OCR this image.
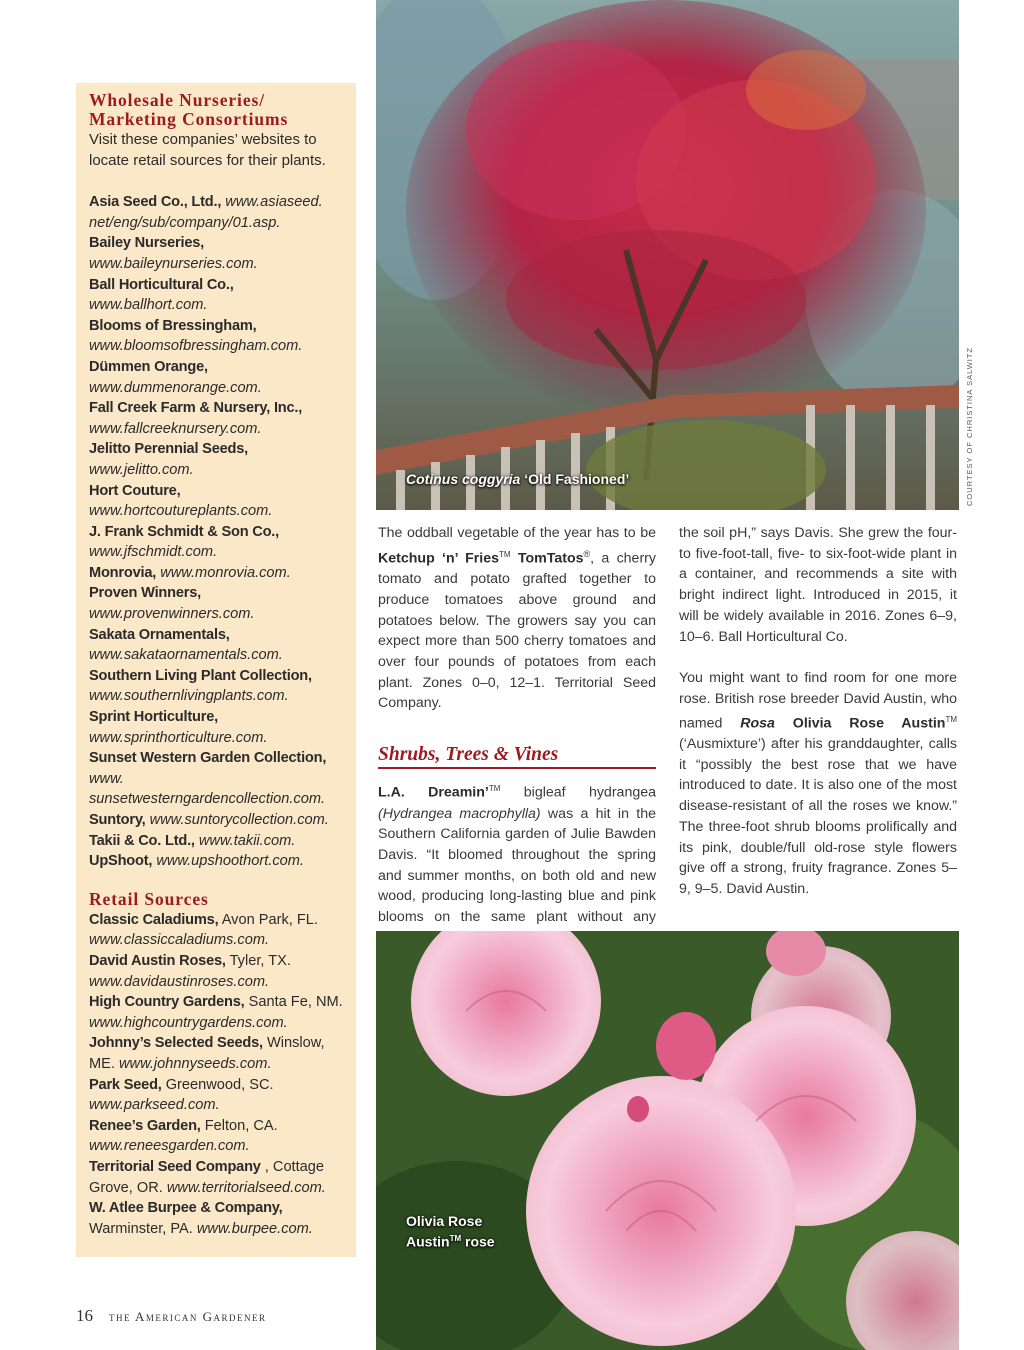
Wholesale Nurseries/
Marketing Consortiums

Visit these companies’ websites to locate retail sources for their plants.

Asia Seed Co., Ltd., www.asiaseed. net/eng/sub/company/01.asp.
Bailey Nurseries, www.baileynurseries.com.
Ball Horticultural Co., www.ballhort.com.
Blooms of Bressingham, www.bloomsofbressingham.com.
Dümmen Orange, www.dummenorange.com.
Fall Creek Farm & Nursery, Inc., www.fallcreeknursery.com.
Jelitto Perennial Seeds, www.jelitto.com.
Hort Couture, www.hortcoutureplants.com.
J. Frank Schmidt & Son Co., www.jfschmidt.com.
Monrovia, www.monrovia.com.
Proven Winners, www.provenwinners.com.
Sakata Ornamentals, www.sakataornamentals.com.
Southern Living Plant Collection, www.southernlivingplants.com.
Sprint Horticulture, www.sprinthorticulture.com.
Sunset Western Garden Collection, www. sunsetwesterngardencollection.com.
Suntory, www.suntorycollection.com.
Takii & Co. Ltd., www.takii.com.
UpShoot, www.upshoothort.com.
Retail Sources
Classic Caladiums, Avon Park, FL. www.classiccaladiums.com.
David Austin Roses, Tyler, TX. www.davidaustinroses.com.
High Country Gardens, Santa Fe, NM. www.highcountrygardens.com.
Johnny’s Selected Seeds, Winslow, ME. www.johnnyseeds.com.
Park Seed, Greenwood, SC. www.parkseed.com.
Renee’s Garden, Felton, CA. www.reneesgarden.com.
Territorial Seed Company , Cottage Grove, OR. www.territorialseed.com.
W. Atlee Burpee & Company, Warminster, PA. www.burpee.com.
Cotinus coggyria ‘Old Fashioned’	COURTESY OF CHRISTINA SALWITZ

The oddball vegetable of the year has to be Ketchup ‘n’ Fries™ TomTatos®, a cherry tomato and potato grafted together to produce tomatoes above ground and potatoes below. The growers say you can expect more than 500 cherry tomatoes and over four pounds of potatoes from each plant. Zones 0–0, 12–1. Territorial Seed Company.

Shrubs, Trees & Vines

L.A. Dreamin’™ bigleaf hydrangea (Hydrangea macrophylla) was a hit in the Southern California garden of Julie Bawden Davis. “It bloomed throughout the spring and summer months, on both old and new wood, producing long-lasting blue and pink blooms on the same plant without any

the soil pH,” says Davis. She grew the four- to five-foot-tall, five- to six-foot-wide plant in a container, and recommends a site with bright indirect light. Introduced in 2015, it will be widely available in 2016. Zones 6–9, 10–6. Ball Horticultural Co.

You might want to find room for one more rose. British rose breeder David Austin, who named Rosa Olivia Rose Austin™ (‘Ausmixture’) after his granddaughter, calls it “possibly the best rose that we have introduced to date. It is also one of the most disease-resistant of all the roses we know.” The three-foot shrub blooms prolifically and its pink, double/full old-rose style flowers give off a strong, fruity fragrance. Zones 5–9, 9–5. David Austin.

Olivia Rose
Austin™ rose
16 the American Gardener
